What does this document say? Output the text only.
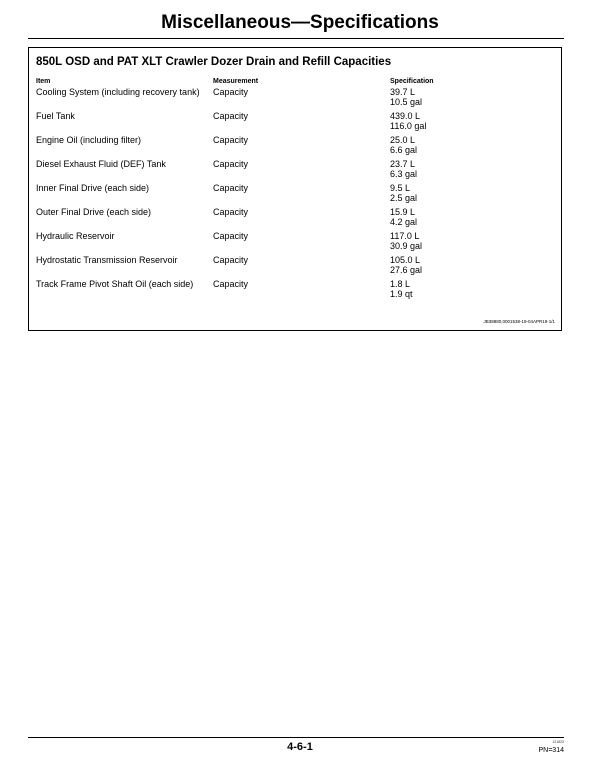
Miscellaneous—Specifications
850L OSD and PAT XLT Crawler Dozer Drain and Refill Capacities
Item	Measurement	Specification
Cooling System (including recovery tank)	Capacity	39.7 L
10.5 gal

Fuel Tank	Capacity	439.0 L
116.0 gal

Engine Oil (including filter)	Capacity	25.0 L
6.6 gal

Diesel Exhaust Fluid (DEF) Tank	Capacity	23.7 L
6.3 gal

Inner Final Drive (each side)	Capacity	9.5 L
2.5 gal

Outer Final Drive (each side)	Capacity	15.9 L
4.2 gal

Hydraulic Reservoir	Capacity	117.0 L
30.9 gal

Hydrostatic Transmission Reservoir	Capacity	105.0 L
27.6 gal

Track Frame Pivot Shaft Oil (each side)	Capacity	1.8 L
1.9 qt
JB38880,0001538-19-04APR19-1/1
4-6-1	121823
PN=314
